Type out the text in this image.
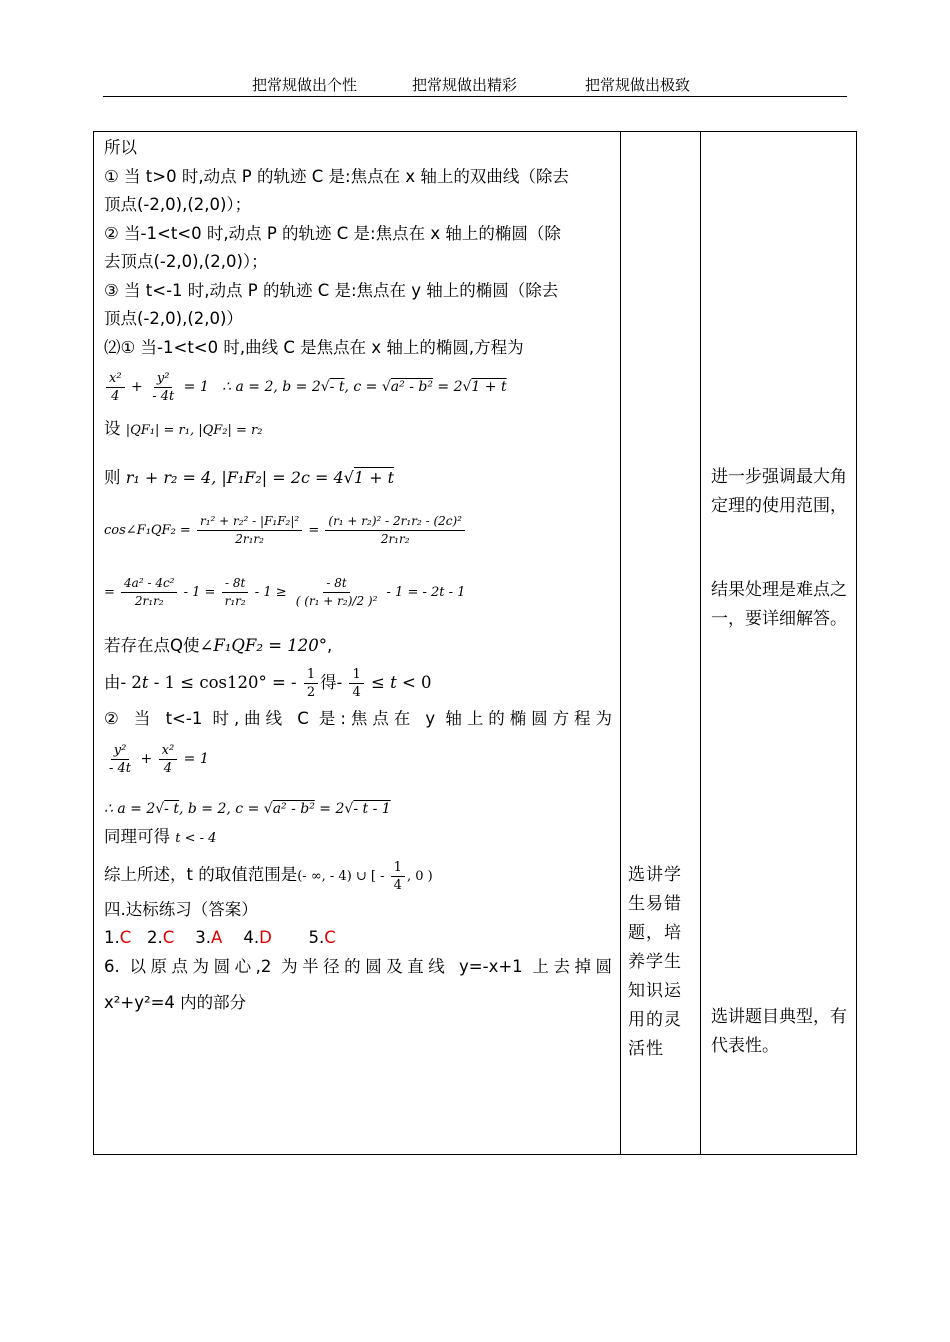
把常规做出个性	把常规做出精彩	把常规做出极致
所以
① 当 t>0 时,动点 P 的轨迹 C 是:焦点在 x 轴上的双曲线（除去
顶点(-2,0),(2,0)）；
② 当-1<t<0 时,动点 P 的轨迹 C 是:焦点在 x 轴上的椭圆（除
去顶点(-2,0),(2,0)）；
③ 当 t<-1 时,动点 P 的轨迹 C 是:焦点在 y 轴上的椭圆（除去
顶点(-2,0),(2,0)）
⑵① 当-1<t<0 时,曲线 C 是焦点在 x 轴上的椭圆,方程为
$\frac{\text{x²}}{4} + \frac{\text{y²}}{- 4t} = 1$   ∴ a = 2, b = 2√- t, c = √a² - b² = 2√1 + t
设 |QF₁| = r₁, |QF₂| = r₂
则 r₁ + r₂ = 4, |F₁F₂| = 2c = 4√1 + t
cos∠F₁QF₂ = $\frac{\text{r₁² + r₂² - |F₁F₂|²}}{\text{2r₁r₂}} = \frac{\text{(r₁ + r₂)² - 2r₁r₂ - (2c)²}}{\text{2r₁r₂}}$
= $\frac{\text{4a² - 4c²}}{\text{2r₁r₂}} - 1 = \frac{- 8t}{\text{r₁r₂}} - 1 \ge \frac{- 8t}{\text{( (r₁ + r₂)/2 )²}} - 1$ = - 2t - 1
若存在点Q使∠F₁QF₂ = 120°,
由- 2t - 1 ≤ cos120° = - $\frac{1}{2}$ 得- $\frac{1}{4} \le t < 0$
② 当 t<-1 时,曲线 C 是:焦点在 y 轴上的椭圆方程为
$\frac{\text{y²}}{- 4t} + \frac{\text{x²}}{4} = 1$
∴ a = 2√- t, b = 2, c = √a² - b² = 2√- t - 1
同理可得 t < - 4
综上所述，t 的取值范围是(- ∞, - 4) ∪ [ - $\frac{1}{4}$ , 0 )
四.达标练习（答案）
1.C 2.C 3.A 4.D 5.C
6. 以原点为圆心,2 为半径的圆及直线 y=-x+1 上去掉圆
x²+y²=4 内的部分
选讲学生易错题，培养学生知识运用的灵活性
进一步强调最大角定理的使用范围，
结果处理是难点之一，要详细解答。
选讲题目典型，有代表性。
